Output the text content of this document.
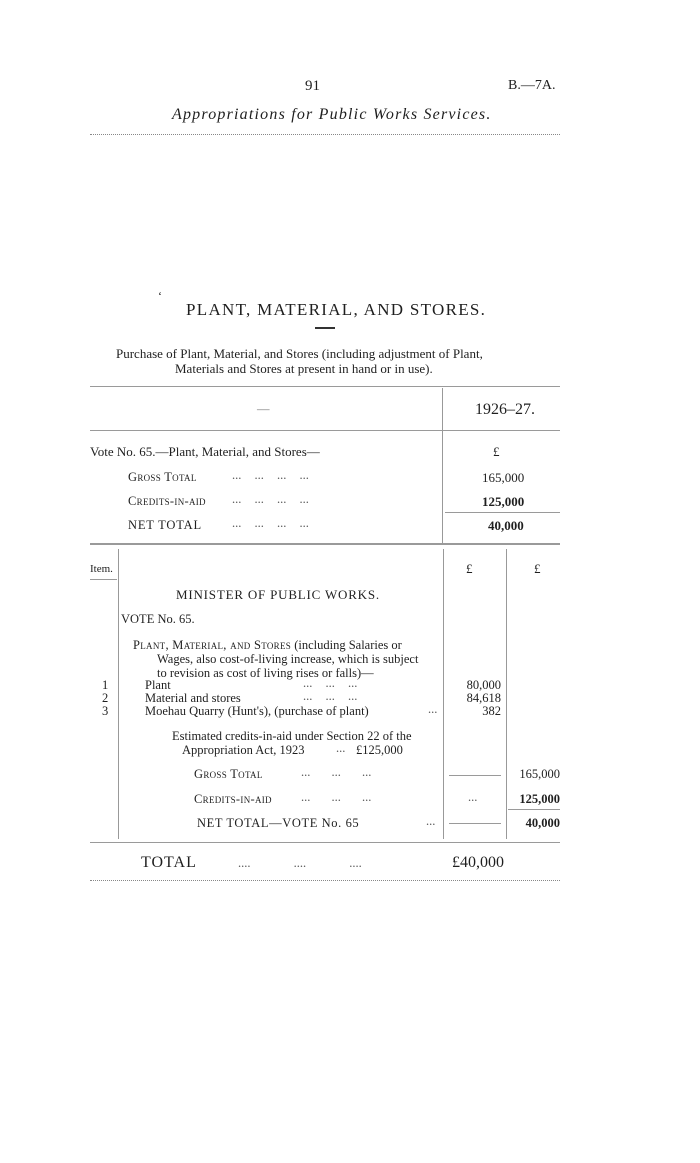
91	B.—7A.
Appropriations for Public Works Services.
‘
PLANT, MATERIAL, AND STORES.
Purchase of Plant, Material, and Stores (including adjustment of Plant,
Materials and Stores at present in hand or in use).
—	1926–27.
Vote No. 65.—Plant, Material, and Stores—	£
Gross Total	... ... ... ...	165,000
Credits-in-aid ... ... ... ...	125,000
NET TOTAL ... ... ... ...	40,000
Item.	£	£
MINISTER OF PUBLIC WORKS.
VOTE No. 65.
Plant, Material, and Stores (including Salaries or
Wages, also cost-of-living increase, which is subject
to revision as cost of living rises or falls)—
1	Plant	... ... ...	80,000
2	Material and stores	... ... ...	84,618
3	Moehau Quarry (Hunt's), (purchase of plant)	...	382
Estimated credits-in-aid under Section 22 of the
Appropriation Act, 1923	... £125,000
Gross Total	... ... ...	165,000
Credits-in-aid ... ... ...	...	125,000
NET TOTAL—VOTE No. 65	...	40,000
TOTAL	.... .... ....	£40,000
